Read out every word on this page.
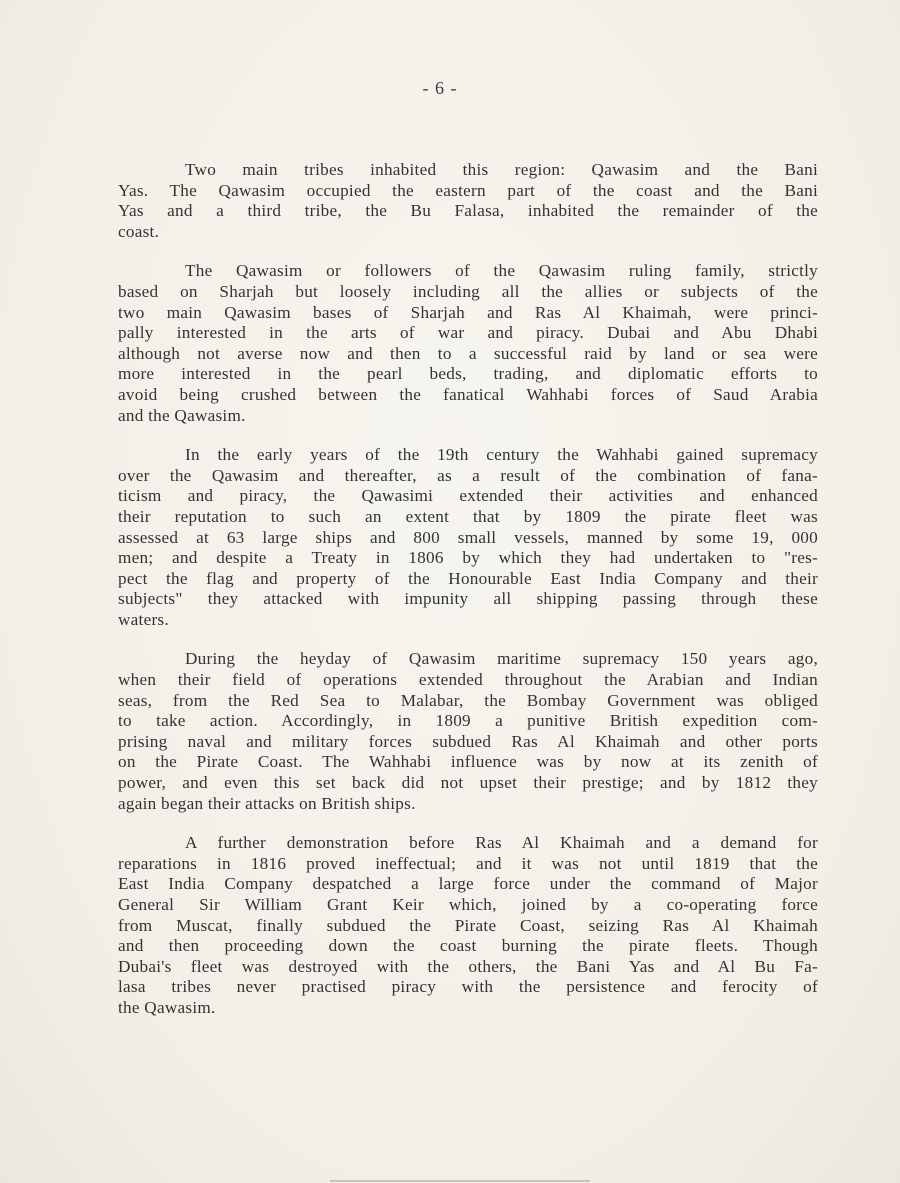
- 6 -
Two main tribes inhabited this region: Qawasim and the Bani
Yas. The Qawasim occupied the eastern part of the coast and the Bani
Yas and a third tribe, the Bu Falasa, inhabited the remainder of the
coast.
The Qawasim or followers of the Qawasim ruling family, strictly
based on Sharjah but loosely including all the allies or subjects of the
two main Qawasim bases of Sharjah and Ras Al Khaimah, were princi-
pally interested in the arts of war and piracy. Dubai and Abu Dhabi
although not averse now and then to a successful raid by land or sea were
more interested in the pearl beds, trading, and diplomatic efforts to
avoid being crushed between the fanatical Wahhabi forces of Saud Arabia
and the Qawasim.
In the early years of the 19th century the Wahhabi gained supremacy
over the Qawasim and thereafter, as a result of the combination of fana-
ticism and piracy, the Qawasimi extended their activities and enhanced
their reputation to such an extent that by 1809 the pirate fleet was
assessed at 63 large ships and 800 small vessels, manned by some 19, 000
men; and despite a Treaty in 1806 by which they had undertaken to "res-
pect the flag and property of the Honourable East India Company and their
subjects" they attacked with impunity all shipping passing through these
waters.
During the heyday of Qawasim maritime supremacy 150 years ago,
when their field of operations extended throughout the Arabian and Indian
seas, from the Red Sea to Malabar, the Bombay Government was obliged
to take action. Accordingly, in 1809 a punitive British expedition com-
prising naval and military forces subdued Ras Al Khaimah and other ports
on the Pirate Coast. The Wahhabi influence was by now at its zenith of
power, and even this set back did not upset their prestige; and by 1812 they
again began their attacks on British ships.
A further demonstration before Ras Al Khaimah and a demand for
reparations in 1816 proved ineffectual; and it was not until 1819 that the
East India Company despatched a large force under the command of Major
General Sir William Grant Keir which, joined by a co-operating force
from Muscat, finally subdued the Pirate Coast, seizing Ras Al Khaimah
and then proceeding down the coast burning the pirate fleets. Though
Dubai's fleet was destroyed with the others, the Bani Yas and Al Bu Fa-
lasa tribes never practised piracy with the persistence and ferocity of
the Qawasim.
